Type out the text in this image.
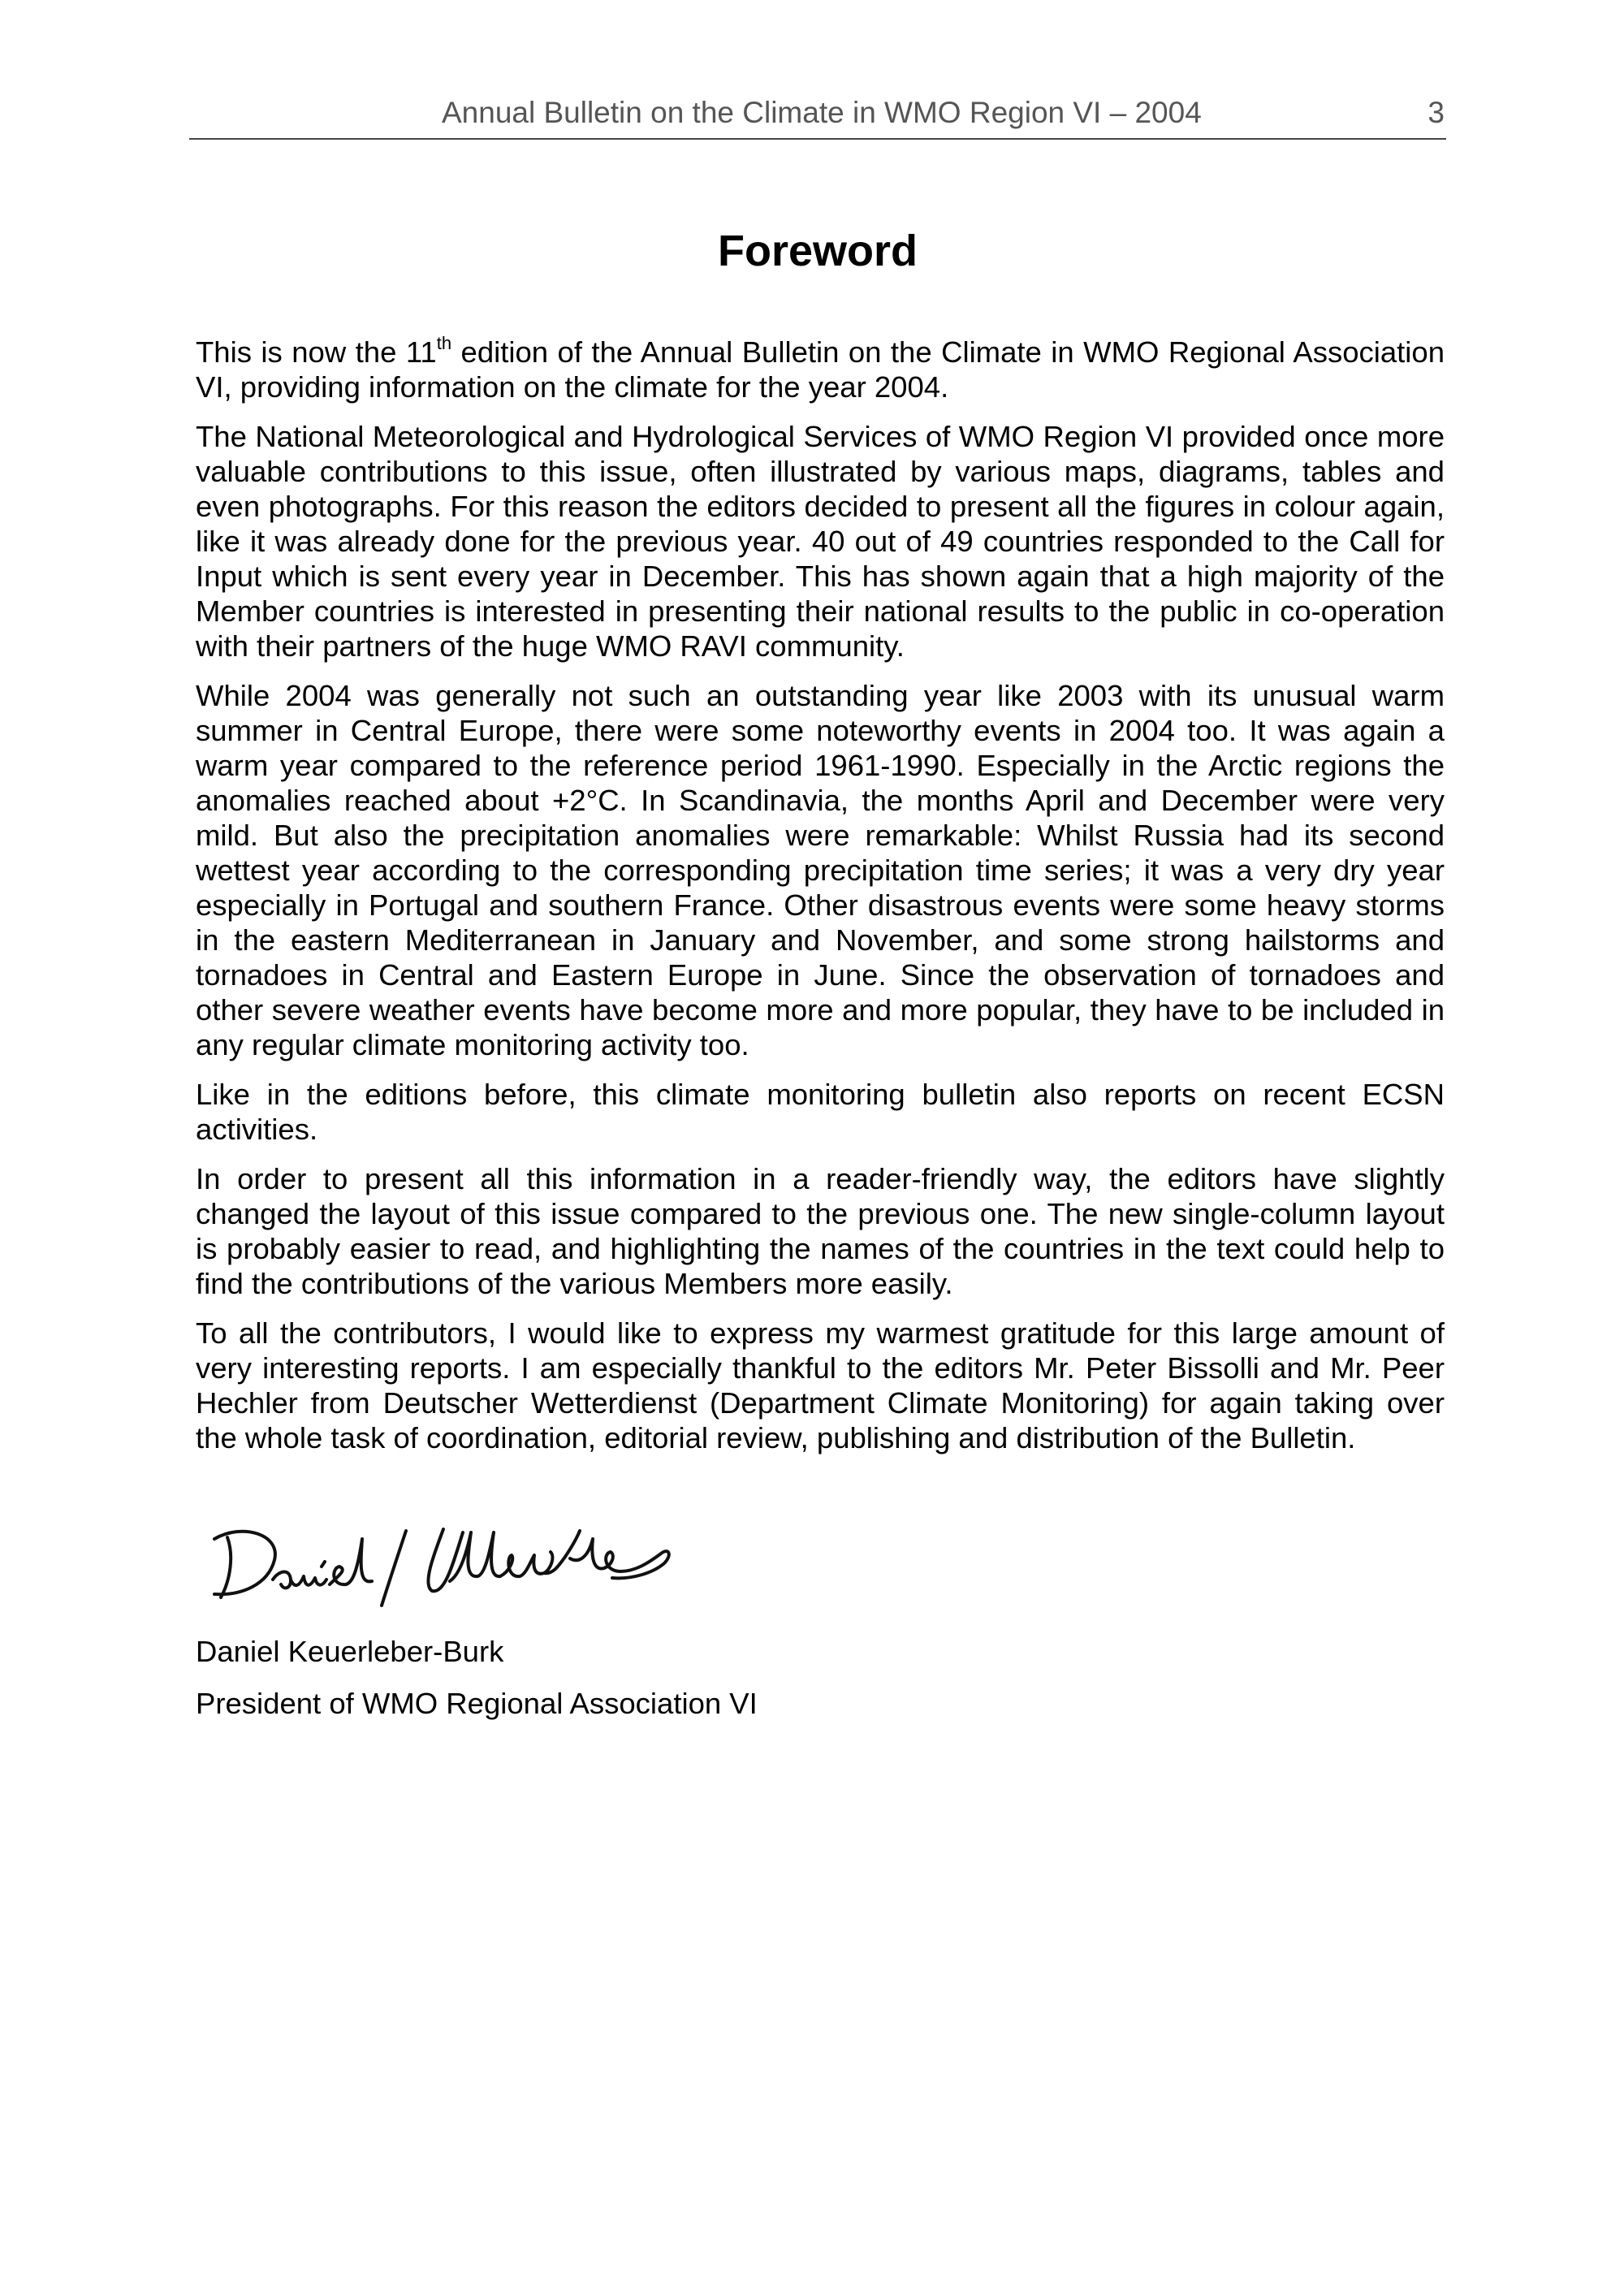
Annual Bulletin on the Climate in WMO Region VI – 2004	3
Foreword

This is now the 11th edition of the Annual Bulletin on the Climate in WMO Regional Association VI, providing information on the climate for the year 2004.

The National Meteorological and Hydrological Services of WMO Region VI provided once more valuable contributions to this issue, often illustrated by various maps, diagrams, tables and even photographs. For this reason the editors decided to present all the figures in colour again, like it was already done for the previous year. 40 out of 49 countries responded to the Call for Input which is sent every year in December. This has shown again that a high majority of the Member countries is interested in presenting their national results to the public in co-operation with their partners of the huge WMO RAVI community.

While 2004 was generally not such an outstanding year like 2003 with its unusual warm summer in Central Europe, there were some noteworthy events in 2004 too. It was again a warm year compared to the reference period 1961-1990. Especially in the Arctic regions the anomalies reached about +2°C. In Scandinavia, the months April and December were very mild. But also the precipitation anomalies were remarkable: Whilst Russia had its second wettest year according to the corresponding precipitation time series; it was a very dry year especially in Portugal and southern France. Other disastrous events were some heavy storms in the eastern Mediterranean in January and November, and some strong hailstorms and tornadoes in Central and Eastern Europe in June. Since the observation of tornadoes and other severe weather events have become more and more popular, they have to be included in any regular climate monitoring activity too.

Like in the editions before, this climate monitoring bulletin also reports on recent ECSN activities.

In order to present all this information in a reader-friendly way, the editors have slightly changed the layout of this issue compared to the previous one. The new single-column layout is probably easier to read, and highlighting the names of the countries in the text could help to find the contributions of the various Members more easily.

To all the contributors, I would like to express my warmest gratitude for this large amount of very interesting reports. I am especially thankful to the editors Mr. Peter Bissolli and Mr. Peer Hechler from Deutscher Wetterdienst (Department Climate Monitoring) for again taking over the whole task of coordination, editorial review, publishing and distribution of the Bulletin.

Daniel Keuerleber-Burk
President of WMO Regional Association VI
